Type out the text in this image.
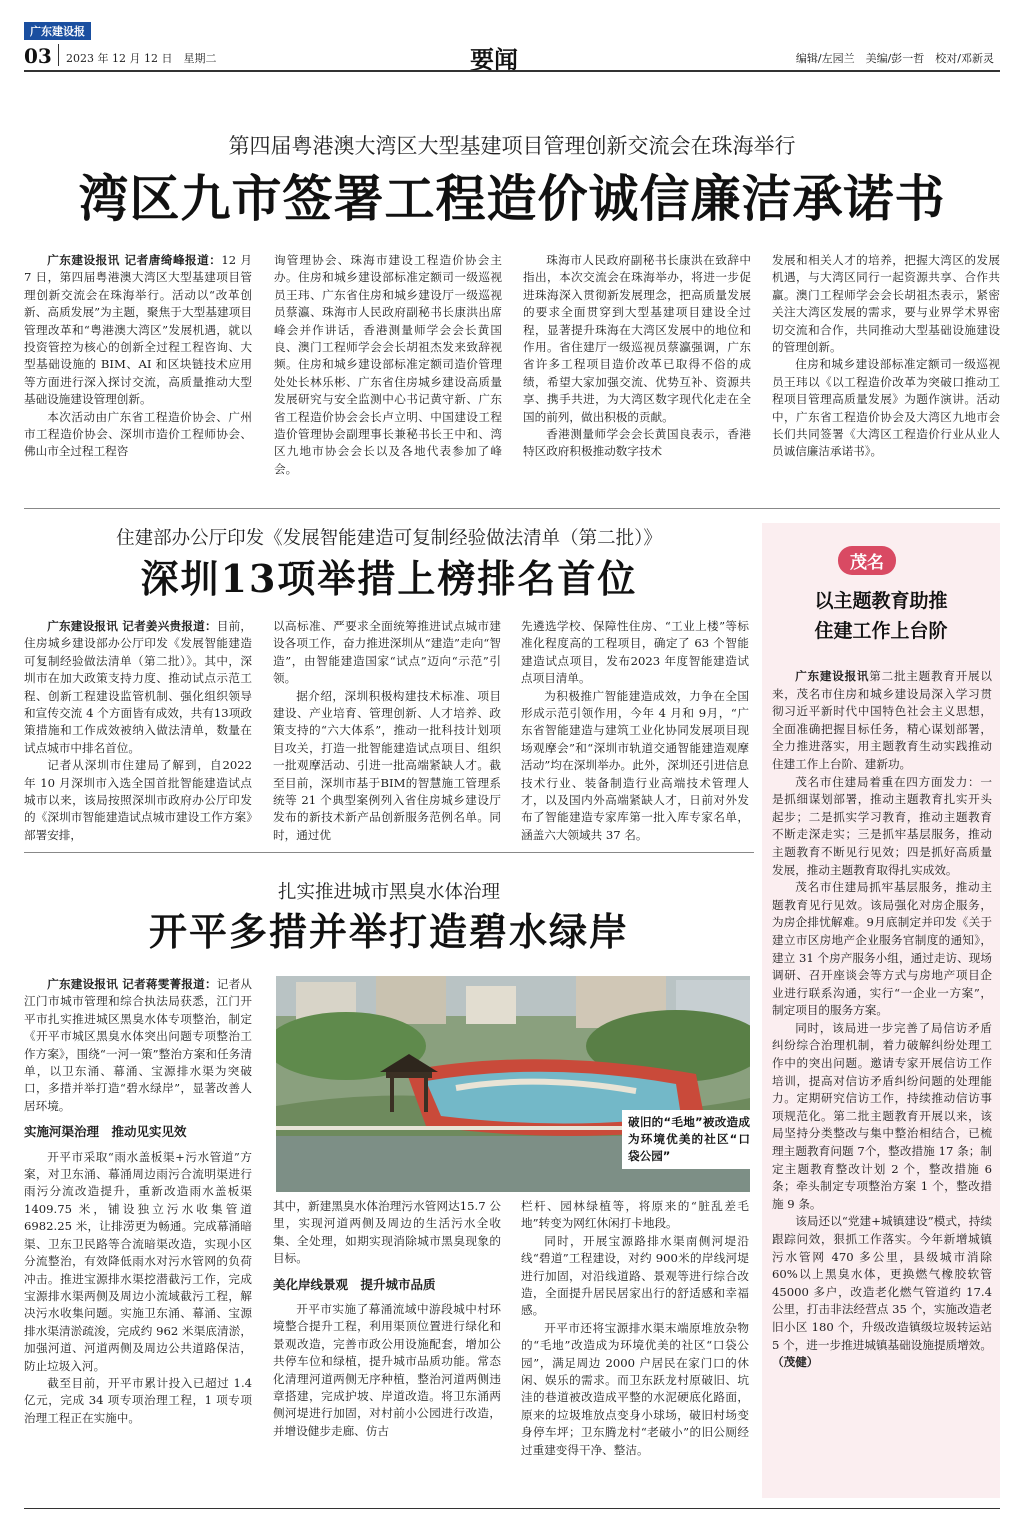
广东建设报
03 2023 年 12 月 12 日　星期二	要闻	编辑/左园兰　美编/彭一哲　校对/邓新灵
第四届粤港澳大湾区大型基建项目管理创新交流会在珠海举行
湾区九市签署工程造价诚信廉洁承诺书

广东建设报讯 记者唐绮峰报道：12 月 7 日，第四届粤港澳大湾区大型基建项目管理创新交流会在珠海举行。活动以“改革创新、高质发展”为主题，聚焦于大型基建项目管理改革和“粤港澳大湾区”发展机遇，就以投资管控为核心的创新全过程工程咨询、大型基础设施的 BIM、AI 和区块链技术应用等方面进行深入探讨交流，高质量推动大型基础设施建设管理创新。

本次活动由广东省工程造价协会、广州市工程造价协会、深圳市造价工程师协会、佛山市全过程工程咨

询管理协会、珠海市建设工程造价协会主办。住房和城乡建设部标准定额司一级巡视员王玮、广东省住房和城乡建设厅一级巡视员蔡瀛、珠海市人民政府副秘书长康洪出席峰会并作讲话，香港测量师学会会长黄国良、澳门工程师学会会长胡祖杰发来致辞视频。住房和城乡建设部标准定额司造价管理处处长林乐彬、广东省住房城乡建设高质量发展研究与安全监测中心书记黄守新、广东省工程造价协会会长卢立明、中国建设工程造价管理协会副理事长兼秘书长王中和、湾区九地市协会会长以及各地代表参加了峰会。

珠海市人民政府副秘书长康洪在致辞中指出，本次交流会在珠海举办，将进一步促进珠海深入贯彻新发展理念，把高质量发展的要求全面贯穿到大型基建项目建设全过程，显著提升珠海在大湾区发展中的地位和作用。省住建厅一级巡视员蔡瀛强调，广东省许多工程项目造价改革已取得不俗的成绩，希望大家加强交流、优势互补、资源共享、携手共进，为大湾区数字现代化走在全国的前列，做出积极的贡献。

香港测量师学会会长黄国良表示，香港特区政府积极推动数字技术

发展和相关人才的培养，把握大湾区的发展机遇，与大湾区同行一起资源共享、合作共赢。澳门工程师学会会长胡祖杰表示，紧密关注大湾区发展的需求，要与业界学术界密切交流和合作，共同推动大型基础设施建设的管理创新。

住房和城乡建设部标准定额司一级巡视员王玮以《以工程造价改革为突破口推动工程项目管理高质量发展》为题作演讲。活动中，广东省工程造价协会及大湾区九地市会长们共同签署《大湾区工程造价行业从业人员诚信廉洁承诺书》。

住建部办公厅印发《发展智能建造可复制经验做法清单（第二批）》
深圳13项举措上榜排名首位

广东建设报讯 记者姜兴贵报道：目前，住房城乡建设部办公厅印发《发展智能建造可复制经验做法清单（第二批）》。其中，深圳市在加大政策支持力度、推动试点示范工程、创新工程建设监管机制、强化组织领导和宣传交流 4 个方面皆有成效，共有13项政策措施和工作成效被纳入做法清单，数量在试点城市中排名首位。

记者从深圳市住建局了解到，自2022 年 10 月深圳市入选全国首批智能建造试点城市以来，该局按照深圳市政府办公厅印发的《深圳市智能建造试点城市建设工作方案》部署安排，

以高标准、严要求全面统筹推进试点城市建设各项工作，奋力推进深圳从“建造”走向“智造”，由智能建造国家“试点”迈向“示范”引领。

据介绍，深圳积极构建技术标准、项目建设、产业培育、管理创新、人才培养、政策支持的“六大体系”，推动一批科技计划项目攻关，打造一批智能建造试点项目、组织一批观摩活动、引进一批高端紧缺人才。截至目前，深圳市基于BIM的智慧施工管理系统等 21 个典型案例列入省住房城乡建设厅发布的新技术新产品创新服务范例名单。同时，通过优

先遴选学校、保障性住房、“工业上楼”等标准化程度高的工程项目，确定了 63 个智能建造试点项目，发布2023 年度智能建造试点项目清单。

为积极推广智能建造成效，力争在全国形成示范引领作用，今年 4 月和 9月，“广东省智能建造与建筑工业化协同发展项目现场观摩会”和“深圳市轨道交通智能建造观摩活动”均在深圳举办。此外，深圳还引进信息技术行业、装备制造行业高端技术管理人才，以及国内外高端紧缺人才，日前对外发布了智能建造专家库第一批入库专家名单，涵盖六大领域共 37 名。

扎实推进城市黑臭水体治理
开平多措并举打造碧水绿岸

广东建设报讯 记者蒋雯菁报道：记者从江门市城市管理和综合执法局获悉，江门开平市扎实推进城区黑臭水体专项整治，制定《开平市城区黑臭水体突出问题专项整治工作方案》，围绕“一河一策”整治方案和任务清单，以卫东涌、幕涌、宝源排水渠为突破口，多措并举打造“碧水绿岸”，显著改善人居环境。

实施河渠治理　推动见实见效

开平市采取“雨水盖板渠+污水管道”方案，对卫东涌、幕涌周边雨污合流明渠进行雨污分流改造提升，重新改造雨水盖板渠 1409.75 米，铺设独立污水收集管道 6982.25 米，让排涝更为畅通。完成幕涌暗渠、卫东卫民路等合流暗渠改造，实现小区分流整治，有效降低雨水对污水管网的负荷冲击。推进宝源排水渠挖潜截污工作，完成宝源排水渠两侧及周边小流域截污工程，解决污水收集问题。实施卫东涌、幕涌、宝源排水渠清淤疏浚，完成约 962 米渠底清淤，加强河道、河道两侧及周边公共道路保洁，防止垃圾入河。

截至目前，开平市累计投入已超过 1.4 亿元，完成 34 项专项治理工程，1 项专项治理工程正在实施中。

破旧的“毛地”被改造成为环境优美的社区“口袋公园”

其中，新建黑臭水体治理污水管网达15.7 公里，实现河道两侧及周边的生活污水全收集、全处理，如期实现消除城市黑臭现象的目标。

美化岸线景观　提升城市品质

开平市实施了幕涌流域中游段城中村环境整合提升工程，利用渠顶位置进行绿化和景观改造，完善市政公用设施配套，增加公共停车位和绿植，提升城市品质功能。常态化清理河道两侧无序种植，整治河道两侧违章搭建，完成护坡、岸道改造。将卫东涌两侧河堤进行加固，对村前小公园进行改造，并增设健步走廊、仿古

栏杆、园林绿植等，将原来的“脏乱差毛地”转变为网红休闲打卡地段。

同时，开展宝源路排水渠南侧河堤沿线“碧道”工程建设，对约 900米的岸线河堤进行加固，对沿线道路、景观等进行综合改造，全面提升居民居家出行的舒适感和幸福感。

开平市还将宝源排水渠末端原堆放杂物的“毛地”改造成为环境优美的社区“口袋公园”，满足周边 2000 户居民在家门口的休闲、娱乐的需求。而卫东跃龙村原破旧、坑洼的巷道被改造成平整的水泥硬底化路面，原来的垃圾堆放点变身小球场，破旧村场变身停车坪；卫东腾龙村“老破小”的旧公厕经过重建变得干净、整洁。

茂名
以主题教育助推
住建工作上台阶

广东建设报讯第二批主题教育开展以来，茂名市住房和城乡建设局深入学习贯彻习近平新时代中国特色社会主义思想，全面准确把握目标任务，精心谋划部署，全力推进落实，用主题教育生动实践推动住建工作上台阶、建新功。

茂名市住建局着重在四方面发力：一是抓细谋划部署，推动主题教育扎实开头起步；二是抓实学习教育，推动主题教育不断走深走实；三是抓牢基层服务，推动主题教育不断见行见效；四是抓好高质量发展，推动主题教育取得扎实成效。

茂名市住建局抓牢基层服务，推动主题教育见行见效。该局强化对房企服务，为房企排忧解难。9月底制定并印发《关于建立市区房地产企业服务官制度的通知》，建立 31 个房产服务小组，通过走访、现场调研、召开座谈会等方式与房地产项目企业进行联系沟通，实行“一企业一方案”，制定项目的服务方案。

同时，该局进一步完善了局信访矛盾纠纷综合治理机制，着力破解纠纷处理工作中的突出问题。邀请专家开展信访工作培训，提高对信访矛盾纠纷问题的处理能力。定期研究信访工作，持续推动信访事项规范化。第二批主题教育开展以来，该局坚持分类整改与集中整治相结合，已梳理主题教育问题 7个，整改措施 17 条；制定主题教育整改计划 2 个，整改措施 6 条；牵头制定专项整治方案 1 个，整改措施 9 条。

该局还以“党建+城镇建设”模式，持续跟踪问效，狠抓工作落实。今年新增城镇污水管网 470 多公里，县级城市消除 60%以上黑臭水体，更换燃气橡胶软管 45000 多户，改造老化燃气管道约 17.4 公里，打击非法经营点 35 个，实施改造老旧小区 180 个，升级改造镇级垃圾转运站 5 个，进一步推进城镇基础设施提质增效。（茂健）
